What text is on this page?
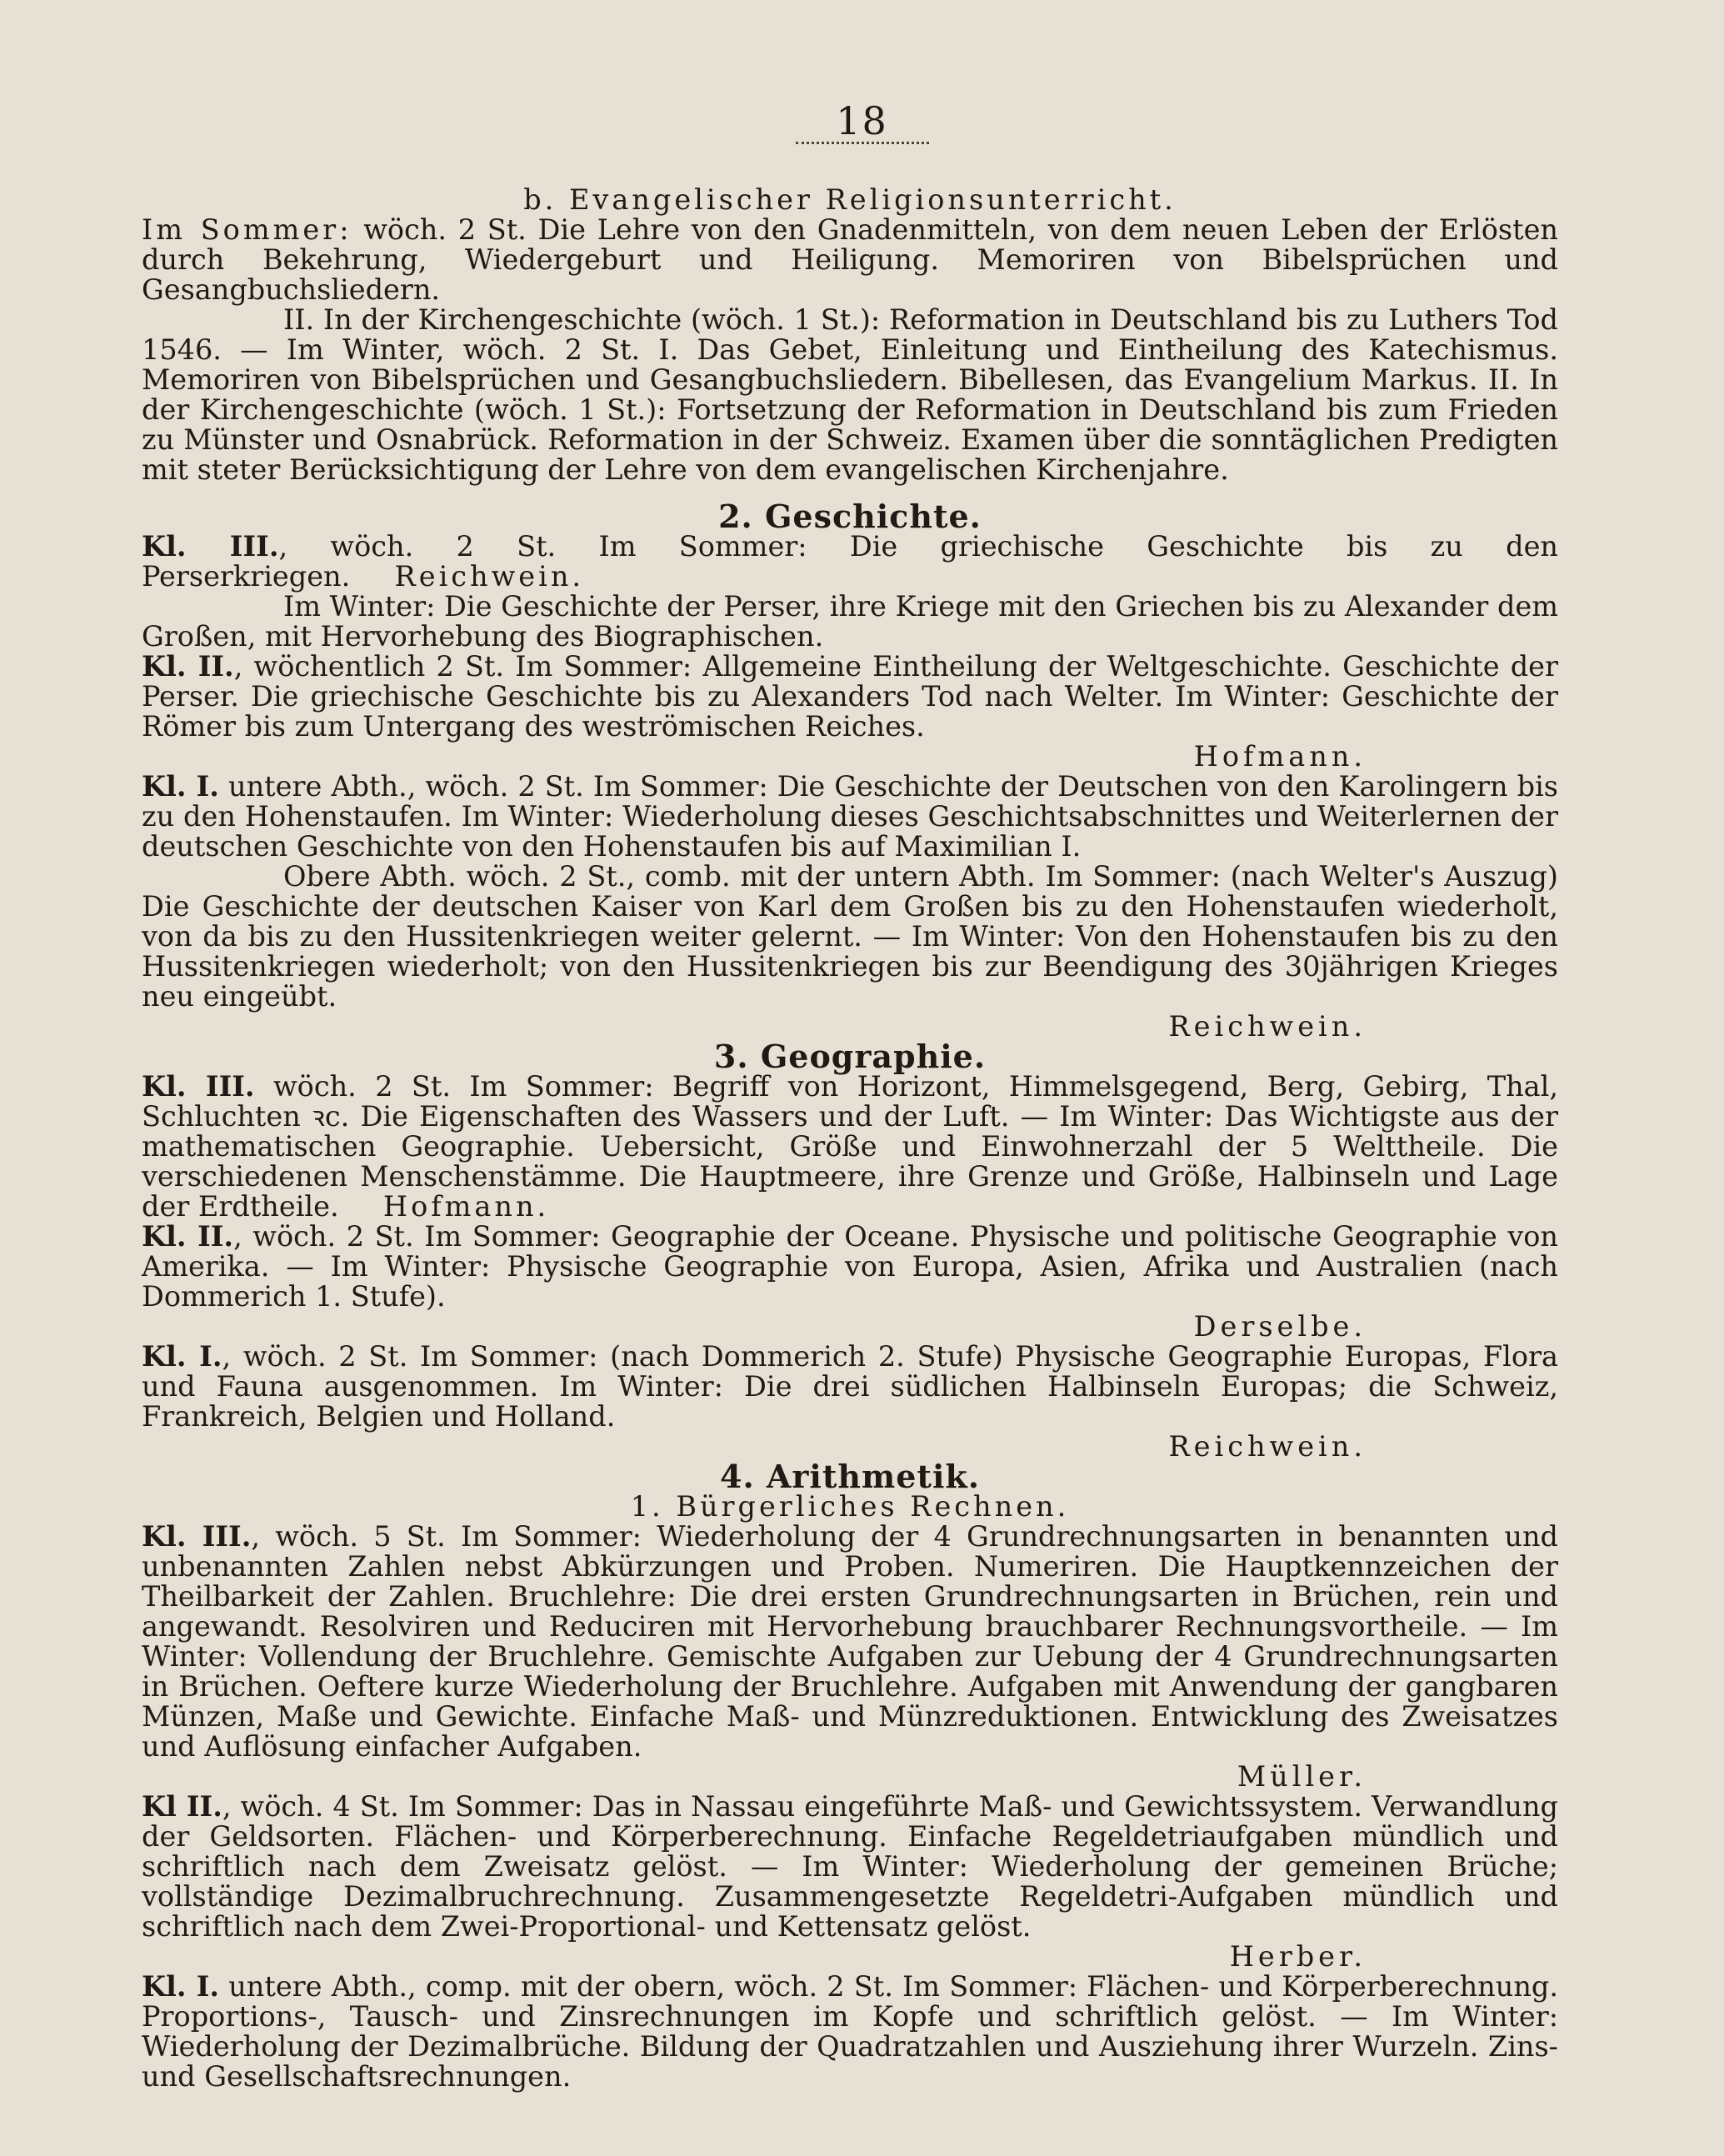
18

b. Evangelischer Religionsunterricht.

Im Sommer: wöch. 2 St. Die Lehre von den Gnadenmitteln, von dem neuen Leben der Erlösten durch Bekehrung, Wiedergeburt und Heiligung. Memoriren von Bibelsprüchen und Gesangbuchsliedern.

II. In der Kirchengeschichte (wöch. 1 St.): Reformation in Deutschland bis zu Luthers Tod 1546. — Im Winter, wöch. 2 St. I. Das Gebet, Einleitung und Eintheilung des Katechismus. Memoriren von Bibelsprüchen und Gesangbuchsliedern. Bibellesen, das Evangelium Markus. II. In der Kirchengeschichte (wöch. 1 St.): Fortsetzung der Reformation in Deutschland bis zum Frieden zu Münster und Osnabrück. Reformation in der Schweiz. Examen über die sonntäglichen Predigten mit steter Berücksichtigung der Lehre von dem evangelischen Kirchenjahre.

2. Geschichte.

Kl. III., wöch. 2 St. Im Sommer: Die griechische Geschichte bis zu den Perserkriegen. Reichwein.

Im Winter: Die Geschichte der Perser, ihre Kriege mit den Griechen bis zu Alexander dem Großen, mit Hervorhebung des Biographischen.

Kl. II., wöchentlich 2 St. Im Sommer: Allgemeine Eintheilung der Weltgeschichte. Geschichte der Perser. Die griechische Geschichte bis zu Alexanders Tod nach Welter. Im Winter: Geschichte der Römer bis zum Untergang des weströmischen Reiches.

Hofmann.

Kl. I. untere Abth., wöch. 2 St. Im Sommer: Die Geschichte der Deutschen von den Karolingern bis zu den Hohenstaufen. Im Winter: Wiederholung dieses Geschichtsabschnittes und Weiterlernen der deutschen Geschichte von den Hohenstaufen bis auf Maximilian I.

Obere Abth. wöch. 2 St., comb. mit der untern Abth. Im Sommer: (nach Welter's Auszug) Die Geschichte der deutschen Kaiser von Karl dem Großen bis zu den Hohenstaufen wiederholt, von da bis zu den Hussitenkriegen weiter gelernt. — Im Winter: Von den Hohenstaufen bis zu den Hussitenkriegen wiederholt; von den Hussitenkriegen bis zur Beendigung des 30jährigen Krieges neu eingeübt.

Reichwein.

3. Geographie.

Kl. III. wöch. 2 St. Im Sommer: Begriff von Horizont, Himmelsgegend, Berg, Gebirg, Thal, Schluchten ꝛc. Die Eigenschaften des Wassers und der Luft. — Im Winter: Das Wichtigste aus der mathematischen Geographie. Uebersicht, Größe und Einwohnerzahl der 5 Welttheile. Die verschiedenen Menschenstämme. Die Hauptmeere, ihre Grenze und Größe, Halbinseln und Lage der Erdtheile. Hofmann.

Kl. II., wöch. 2 St. Im Sommer: Geographie der Oceane. Physische und politische Geographie von Amerika. — Im Winter: Physische Geographie von Europa, Asien, Afrika und Australien (nach Dommerich 1. Stufe).

Derselbe.

Kl. I., wöch. 2 St. Im Sommer: (nach Dommerich 2. Stufe) Physische Geographie Europas, Flora und Fauna ausgenommen. Im Winter: Die drei südlichen Halbinseln Europas; die Schweiz, Frankreich, Belgien und Holland.

Reichwein.

4. Arithmetik.

1. Bürgerliches Rechnen.

Kl. III., wöch. 5 St. Im Sommer: Wiederholung der 4 Grundrechnungsarten in benannten und unbenannten Zahlen nebst Abkürzungen und Proben. Numeriren. Die Hauptkennzeichen der Theilbarkeit der Zahlen. Bruchlehre: Die drei ersten Grundrechnungsarten in Brüchen, rein und angewandt. Resolviren und Reduciren mit Hervorhebung brauchbarer Rechnungsvortheile. — Im Winter: Vollendung der Bruchlehre. Gemischte Aufgaben zur Uebung der 4 Grundrechnungsarten in Brüchen. Oeftere kurze Wiederholung der Bruchlehre. Aufgaben mit Anwendung der gangbaren Münzen, Maße und Gewichte. Einfache Maß- und Münzreduktionen. Entwicklung des Zweisatzes und Auflösung einfacher Aufgaben.

Müller.

Kl II., wöch. 4 St. Im Sommer: Das in Nassau eingeführte Maß- und Gewichtssystem. Verwandlung der Geldsorten. Flächen- und Körperberechnung. Einfache Regeldetriaufgaben mündlich und schriftlich nach dem Zweisatz gelöst. — Im Winter: Wiederholung der gemeinen Brüche; vollständige Dezimalbruchrechnung. Zusammengesetzte Regeldetri-Aufgaben mündlich und schriftlich nach dem Zwei-Proportional- und Kettensatz gelöst.

Herber.

Kl. I. untere Abth., comp. mit der obern, wöch. 2 St. Im Sommer: Flächen- und Körperberechnung. Proportions-, Tausch- und Zinsrechnungen im Kopfe und schriftlich gelöst. — Im Winter: Wiederholung der Dezimalbrüche. Bildung der Quadratzahlen und Ausziehung ihrer Wurzeln. Zins- und Gesellschaftsrechnungen.
